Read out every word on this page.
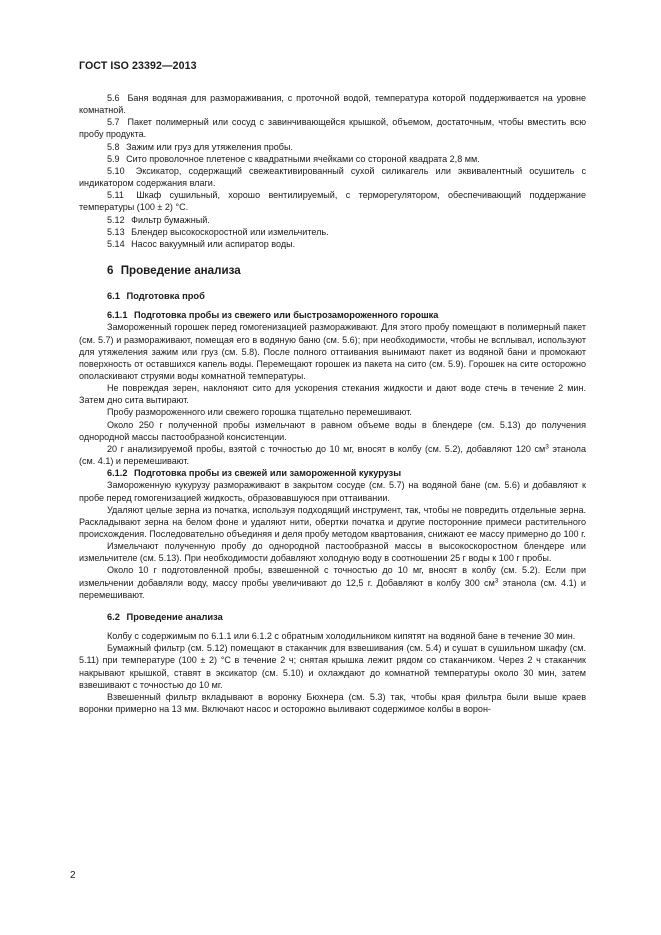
ГОСТ ISO 23392—2013

5.6 Баня водяная для размораживания, с проточной водой, температура которой поддерживается на уровне комнатной.

5.7 Пакет полимерный или сосуд с завинчивающейся крышкой, объемом, достаточным, чтобы вместить всю пробу продукта.

5.8 Зажим или груз для утяжеления пробы.

5.9 Сито проволочное плетеное с квадратными ячейками со стороной квадрата 2,8 мм.

5.10 Эксикатор, содержащий свежеактивированный сухой силикагель или эквивалентный осушитель с индикатором содержания влаги.

5.11 Шкаф сушильный, хорошо вентилируемый, с терморегулятором, обеспечивающий поддержание температуры (100 ± 2) °C.

5.12 Фильтр бумажный.

5.13 Блендер высокоскоростной или измельчитель.

5.14 Насос вакуумный или аспиратор воды.

6 Проведение анализа
6.1 Подготовка проб
6.1.1 Подготовка пробы из свежего или быстрозамороженного горошка

Замороженный горошек перед гомогенизацией размораживают. Для этого пробу помещают в полимерный пакет (см. 5.7) и размораживают, помещая его в водяную баню (см. 5.6); при необходимости, чтобы не всплывал, используют для утяжеления зажим или груз (см. 5.8). После полного оттаивания вынимают пакет из водяной бани и промокают поверхность от оставшихся капель воды. Перемещают горошек из пакета на сито (см. 5.9). Горошек на сите осторожно ополаскивают струями воды комнатной температуры.

Не повреждая зерен, наклоняют сито для ускорения стекания жидкости и дают воде стечь в течение 2 мин. Затем дно сита вытирают.

Пробу размороженного или свежего горошка тщательно перемешивают.

Около 250 г полученной пробы измельчают в равном объеме воды в блендере (см. 5.13) до получения однородной массы пастообразной консистенции.

20 г анализируемой пробы, взятой с точностью до 10 мг, вносят в колбу (см. 5.2), добавляют 120 $см^3$ этанола (см. 4.1) и перемешивают.

6.1.2 Подготовка пробы из свежей или замороженной кукурузы

Замороженную кукурузу размораживают в закрытом сосуде (см. 5.7) на водяной бане (см. 5.6) и добавляют к пробе перед гомогенизацией жидкость, образовавшуюся при оттаивании.

Удаляют целые зерна из початка, используя подходящий инструмент, так, чтобы не повредить отдельные зерна. Раскладывают зерна на белом фоне и удаляют нити, обертки початка и другие посторонние примеси растительного происхождения. Последовательно объединяя и деля пробу методом квартования, снижают ее массу примерно до 100 г.

Измельчают полученную пробу до однородной пастообразной массы в высокоскоростном блендере или измельчителе (см. 5.13). При необходимости добавляют холодную воду в соотношении 25 г воды к 100 г пробы.

Около 10 г подготовленной пробы, взвешенной с точностью до 10 мг, вносят в колбу (см. 5.2). Если при измельчении добавляли воду, массу пробы увеличивают до 12,5 г. Добавляют в колбу 300 $см^3$ этанола (см. 4.1) и перемешивают.

6.2 Проведение анализа

Колбу с содержимым по 6.1.1 или 6.1.2 с обратным холодильником кипятят на водяной бане в течение 30 мин.

Бумажный фильтр (см. 5.12) помещают в стаканчик для взвешивания (см. 5.4) и сушат в сушильном шкафу (см. 5.11) при температуре (100 ± 2) °C в течение 2 ч; снятая крышка лежит рядом со стаканчиком. Через 2 ч стаканчик накрывают крышкой, ставят в эксикатор (см. 5.10) и охлаждают до комнатной температуры около 30 мин, затем взвешивают с точностью до 10 мг.

Взвешенный фильтр вкладывают в воронку Бюхнера (см. 5.3) так, чтобы края фильтра были выше краев воронки примерно на 13 мм. Включают насос и осторожно выливают содержимое колбы в ворон-

2
